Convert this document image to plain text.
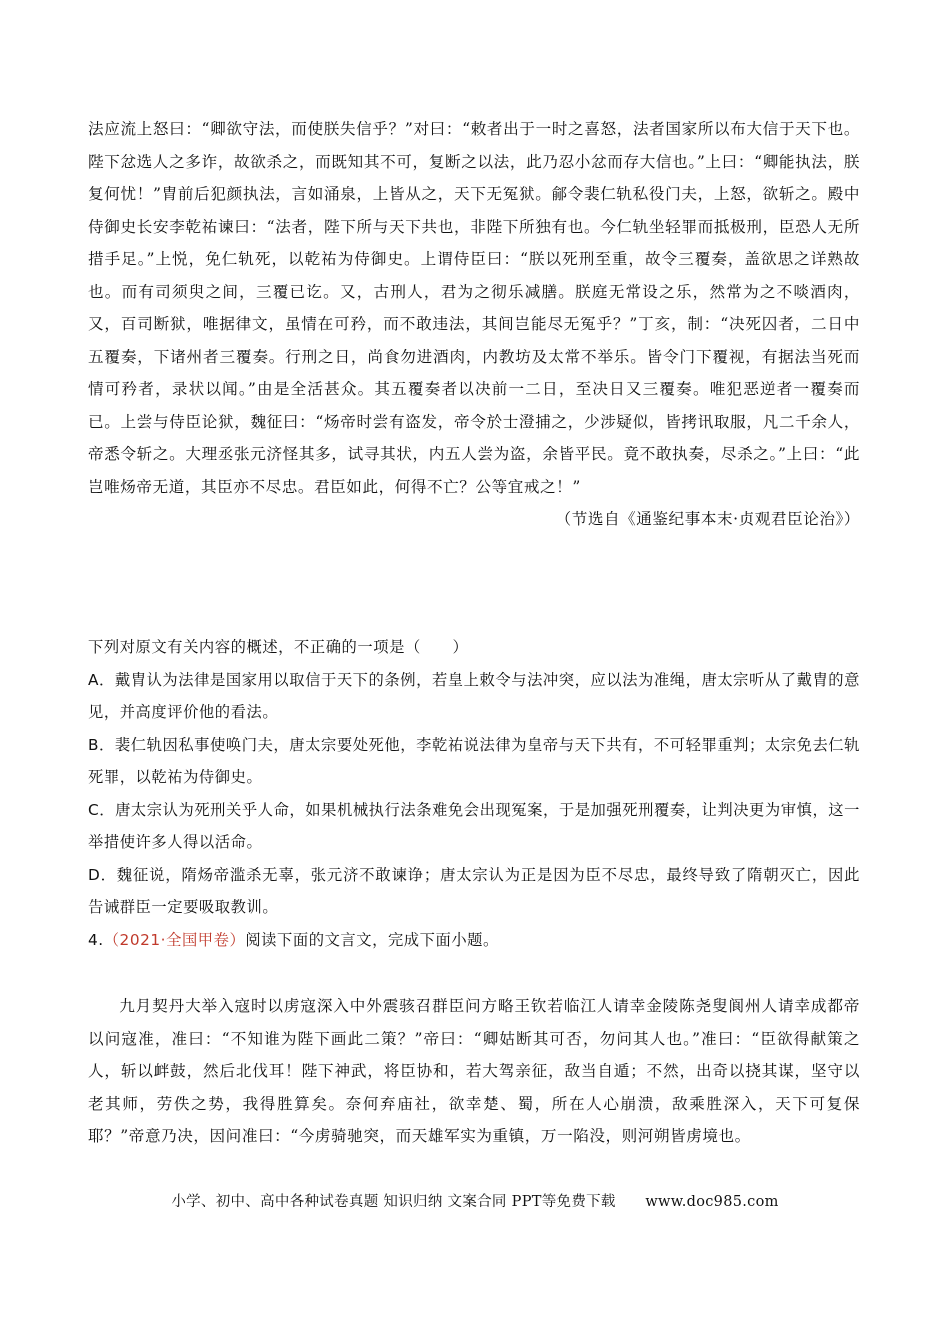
法应流上怒曰：“卿欲守法，而使朕失信乎？”对曰：“敕者出于一时之喜怒，法者国家所以布大信于天下也。陛下忿选人之多诈，故欲杀之，而既知其不可，复断之以法，此乃忍小忿而存大信也。”上曰：“卿能执法，朕复何忧！”胄前后犯颜执法，言如涌泉，上皆从之，天下无冤狱。鄃令裴仁轨私役门夫，上怒，欲斩之。殿中侍御史长安李乾祐谏曰：“法者，陛下所与天下共也，非陛下所独有也。今仁轨坐轻罪而抵极刑，臣恐人无所措手足。”上悦，免仁轨死，以乾祐为侍御史。上谓侍臣曰：“朕以死刑至重，故令三覆奏，盖欲思之详熟故也。而有司须臾之间，三覆已讫。又，古刑人，君为之彻乐减膳。朕庭无常设之乐，然常为之不啖酒肉，又，百司断狱，唯据律文，虽情在可矜，而不敢违法，其间岂能尽无冤乎？”丁亥，制：“决死囚者，二日中五覆奏，下诸州者三覆奏。行刑之日，尚食勿进酒肉，内教坊及太常不举乐。皆令门下覆视，有据法当死而情可矜者，录状以闻。”由是全活甚众。其五覆奏者以决前一二日，至决日又三覆奏。唯犯恶逆者一覆奏而已。上尝与侍臣论狱，魏征曰：“炀帝时尝有盗发，帝令於士澄捕之，少涉疑似，皆拷讯取服，凡二千余人，帝悉令斩之。大理丞张元济怪其多，试寻其状，内五人尝为盗，余皆平民。竟不敢执奏，尽杀之。”上曰：“此岂唯炀帝无道，其臣亦不尽忠。君臣如此，何得不亡？公等宜戒之！”

（节选自《通鉴纪事本末·贞观君臣论治》）

下列对原文有关内容的概述，不正确的一项是（　　）

A．戴胄认为法律是国家用以取信于天下的条例，若皇上敕令与法冲突，应以法为准绳，唐太宗听从了戴胄的意见，并高度评价他的看法。

B．裴仁轨因私事使唤门夫，唐太宗要处死他，李乾祐说法律为皇帝与天下共有，不可轻罪重判；太宗免去仁轨死罪，以乾祐为侍御史。

C．唐太宗认为死刑关乎人命，如果机械执行法条难免会出现冤案，于是加强死刑覆奏，让判决更为审慎，这一举措使许多人得以活命。

D．魏征说，隋炀帝滥杀无辜，张元济不敢谏诤；唐太宗认为正是因为臣不尽忠，最终导致了隋朝灭亡，因此告诫群臣一定要吸取教训。

4.（2021·全国甲卷）阅读下面的文言文，完成下面小题。

九月契丹大举入寇时以虏寇深入中外震骇召群臣问方略王钦若临江人请幸金陵陈尧叟阆州人请幸成都帝以问寇准，准曰：“不知谁为陛下画此二策？”帝曰：“卿姑断其可否，勿问其人也。”准曰：“臣欲得献策之人，斩以衅鼓，然后北伐耳！陛下神武，将臣协和，若大驾亲征，敌当自遁；不然，出奇以挠其谋，坚守以老其师，劳佚之势，我得胜算矣。奈何弃庙社，欲幸楚、蜀，所在人心崩溃，敌乘胜深入，天下可复保耶？”帝意乃决，因问准曰：“今虏骑驰突，而天雄军实为重镇，万一陷没，则河朔皆虏境也。

小学、初中、高中各种试卷真题 知识归纳 文案合同 PPT等免费下载　　www.doc985.com
